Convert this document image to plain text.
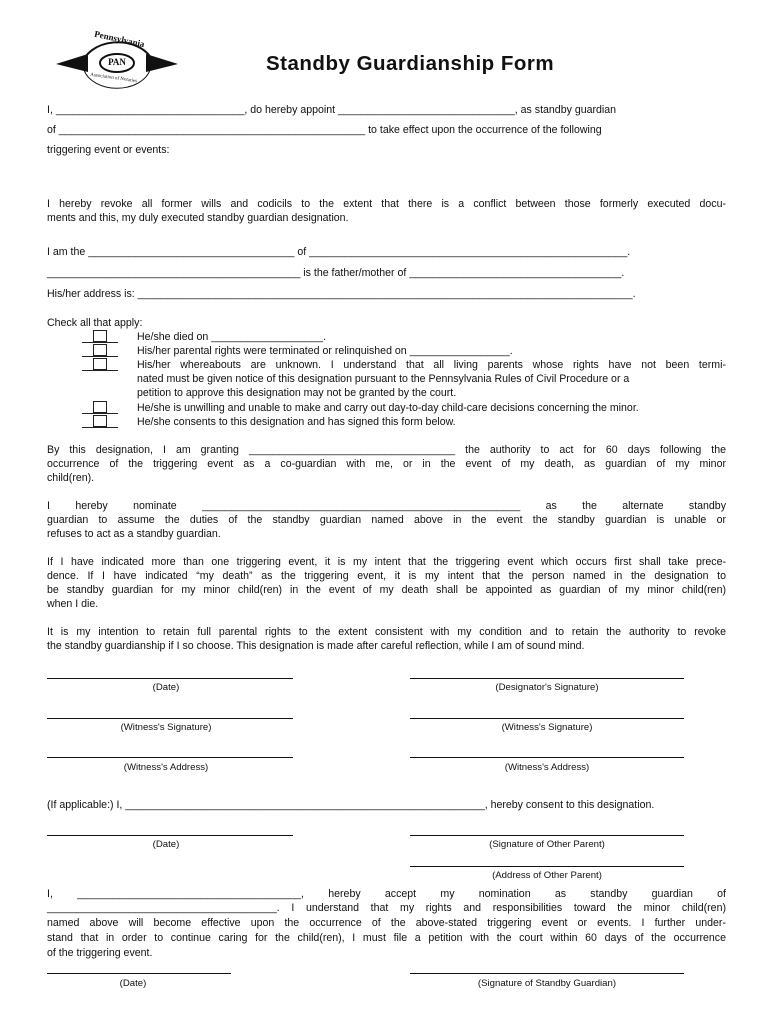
Pennsylvania
PAN
Association of Notaries
Standby Guardianship Form
I, ________________________________, do hereby appoint ______________________________, as standby guardian
of ____________________________________________________ to take effect upon the occurrence of the following
triggering event or events:
I hereby revoke all former wills and codicils to the extent that there is a conflict between those formerly executed docu-
ments and this, my duly executed standby guardian designation.
I am the ___________________________________ of ______________________________________________________.
___________________________________________ is the father/mother of ____________________________________.
His/her address is: ____________________________________________________________________________________.
Check all that apply:
He/she died on ___________________.
His/her parental rights were terminated or relinquished on _________________.
His/her whereabouts are unknown. I understand that all living parents whose rights have not been termi-
nated must be given notice of this designation pursuant to the Pennsylvania Rules of Civil Procedure or a
petition to approve this designation may not be granted by the court.
He/she is unwilling and unable to make and carry out day-to-day child-care decisions concerning the minor.
He/she consents to this designation and has signed this form below.
By this designation, I am granting ___________________________________ the authority to act for 60 days following the
occurrence of the triggering event as a co-guardian with me, or in the event of my death, as guardian of my minor
child(ren).
I hereby nominate ______________________________________________________ as the alternate standby
guardian to assume the duties of the standby guardian named above in the event the standby guardian is unable or
refuses to act as a standby guardian.
If I have indicated more than one triggering event, it is my intent that the triggering event which occurs first shall take prece-
dence. If I have indicated “my death” as the triggering event, it is my intent that the person named in the designation to
be standby guardian for my minor child(ren) in the event of my death shall be appointed as guardian of my minor child(ren)
when I die.
It is my intention to retain full parental rights to the extent consistent with my condition and to retain the authority to revoke
the standby guardianship if I so choose. This designation is made after careful reflection, while I am of sound mind.
(Date)	(Designator's Signature)
(Witness's Signature)	(Witness's Signature)
(Witness's Address)	(Witness's Address)
(If applicable:) I, _____________________________________________________________, hereby consent to this designation.
(Date)	(Signature of Other Parent)
(Address of Other Parent)
I, ______________________________________, hereby accept my nomination as standby guardian of
_______________________________________. I understand that my rights and responsibilities toward the minor child(ren)
named above will become effective upon the occurrence of the above-stated triggering event or events. I further under-
stand that in order to continue caring for the child(ren), I must file a petition with the court within 60 days of the occurrence
of the triggering event.
(Date)	(Signature of Standby Guardian)
